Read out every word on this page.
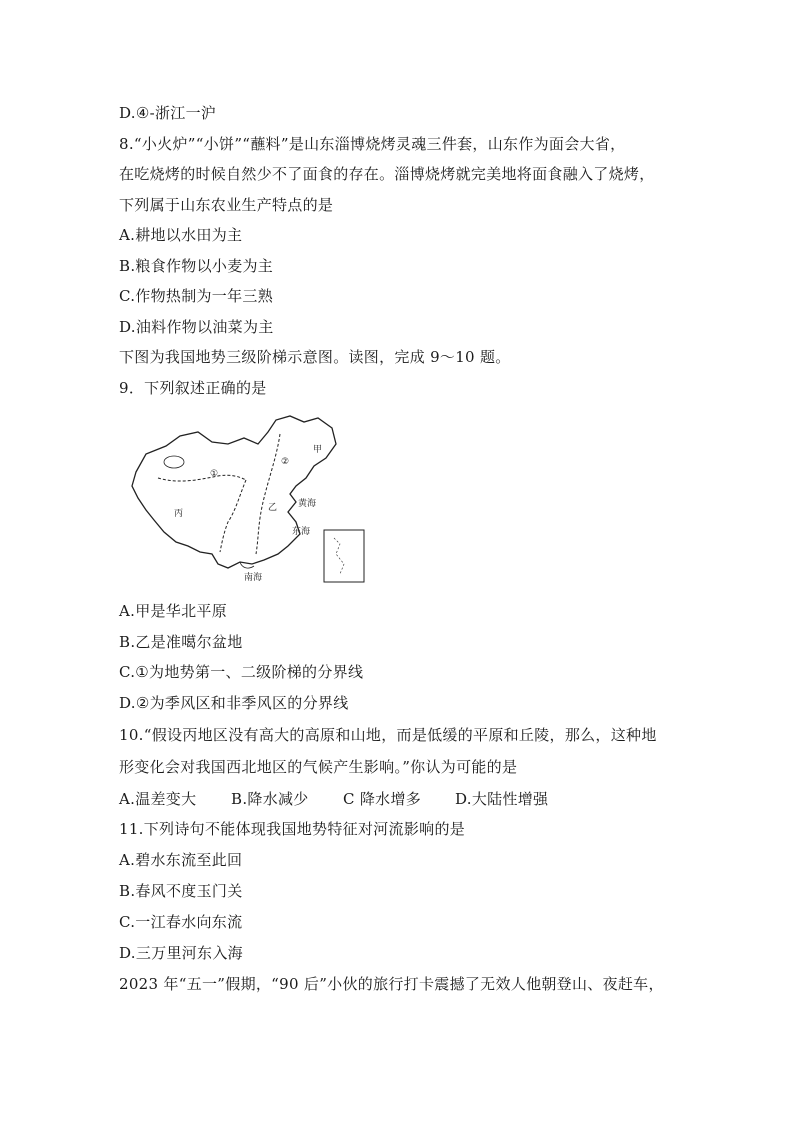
D.④-浙江一沪
8.“小火炉”“小饼”“蘸料”是山东淄博烧烤灵魂三件套，山东作为面会大省，
在吃烧烤的时候自然少不了面食的存在。淄博烧烤就完美地将面食融入了烧烤，
下列属于山东农业生产特点的是
A.耕地以水田为主
B.粮食作物以小麦为主
C.作物热制为一年三熟
D.油料作物以油菜为主
下图为我国地势三级阶梯示意图。读图，完成 9～10 题。
9．下列叙述正确的是
①
②
甲
乙
丙
黄海
东海
南海
A.甲是华北平原
B.乙是准噶尔盆地
C.①为地势第一、二级阶梯的分界线
D.②为季风区和非季风区的分界线
10.“假设丙地区没有高大的高原和山地，而是低缓的平原和丘陵，那么，这种地
形变化会对我国西北地区的气候产生影响。”你认为可能的是
A.温差变大 B.降水减少 C 降水增多 D.大陆性增强
11.下列诗句不能体现我国地势特征对河流影响的是
A.碧水东流至此回
B.春风不度玉门关
C.一江春水向东流
D.三万里河东入海
2023 年“五一”假期，“90 后”小伙的旅行打卡震撼了无效人他朝登山、夜赶车，
